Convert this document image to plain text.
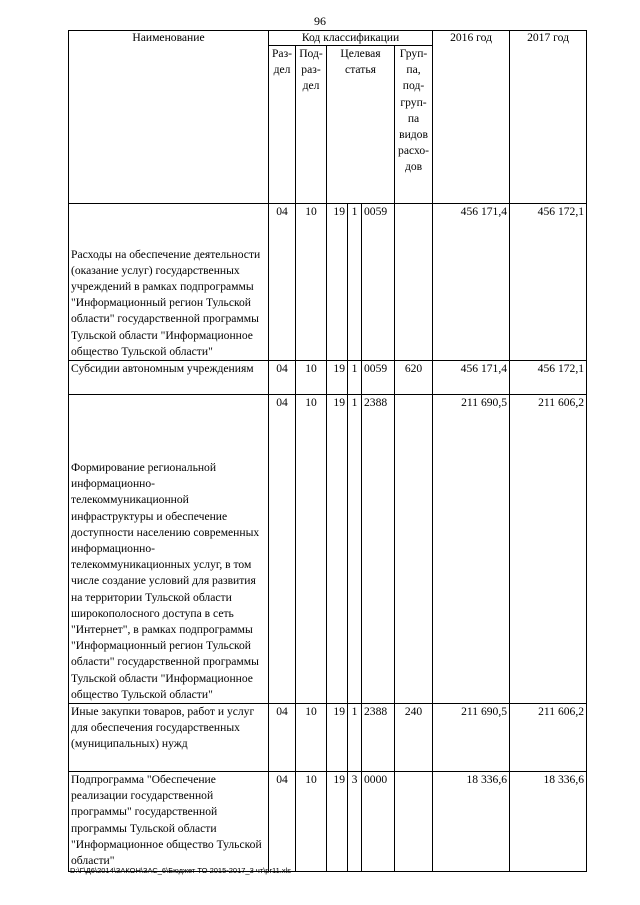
96
Наименование	Код классификации						2016 год	2017 год
	Раз-дел	Под-раз-дел	Целевая статья			Груп-па, под-груп-па видов расхо-дов		
Расходы на обеспечение деятельности (оказание услуг) государственных учреждений в рамках подпрограммы "Информационный регион Тульской области" государственной программы Тульской области "Информационное общество Тульской области"	04	10	19	1	0059		456 171,4	456 172,1
Субсидии автономным учреждениям	04	10	19	1	0059	620	456 171,4	456 172,1
Формирование региональной информационно-телекоммуникационной инфраструктуры и обеспечение доступности населению современных информационно-телекоммуникационных услуг, в том числе создание условий для развития на территории Тульской области широкополосного доступа в сеть "Интернет", в рамках подпрограммы "Информационный регион Тульской области" государственной программы Тульской области "Информационное общество Тульской области"	04	10	19	1	2388		211 690,5	211 606,2
Иные закупки товаров, работ и услуг для обеспечения государственных (муниципальных) нужд	04	10	19	1	2388	240	211 690,5	211 606,2
Подпрограмма "Обеспечение реализации государственной программы" государственной программы Тульской области "Информационное общество Тульской области"	04	10	19	3	0000		18 336,6	18 336,6
D:\Г\Д6\2014\ЗАКОН\ЗАС_6\Бюджет ТО 2015-2017_3 чт\pr11.xls
